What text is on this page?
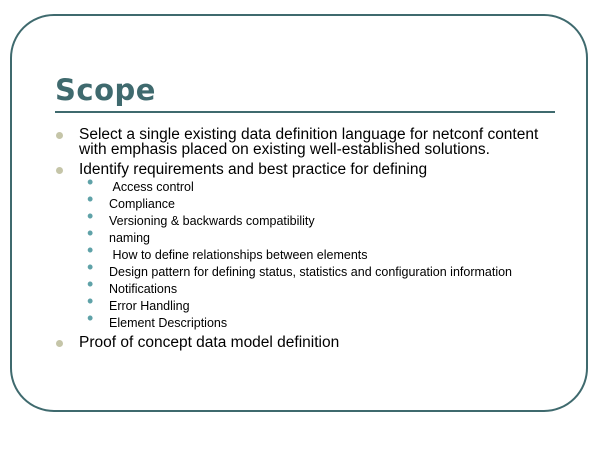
Scope
Select a single existing data definition language for netconf content with emphasis placed on existing well-established solutions.
Identify requirements and best practice for defining
•  Access control
• Compliance
• Versioning & backwards compatibility
• naming
•  How to define relationships between elements
• Design pattern for defining status, statistics and configuration information
• Notifications
• Error Handling
• Element Descriptions
Proof of concept data model definition
